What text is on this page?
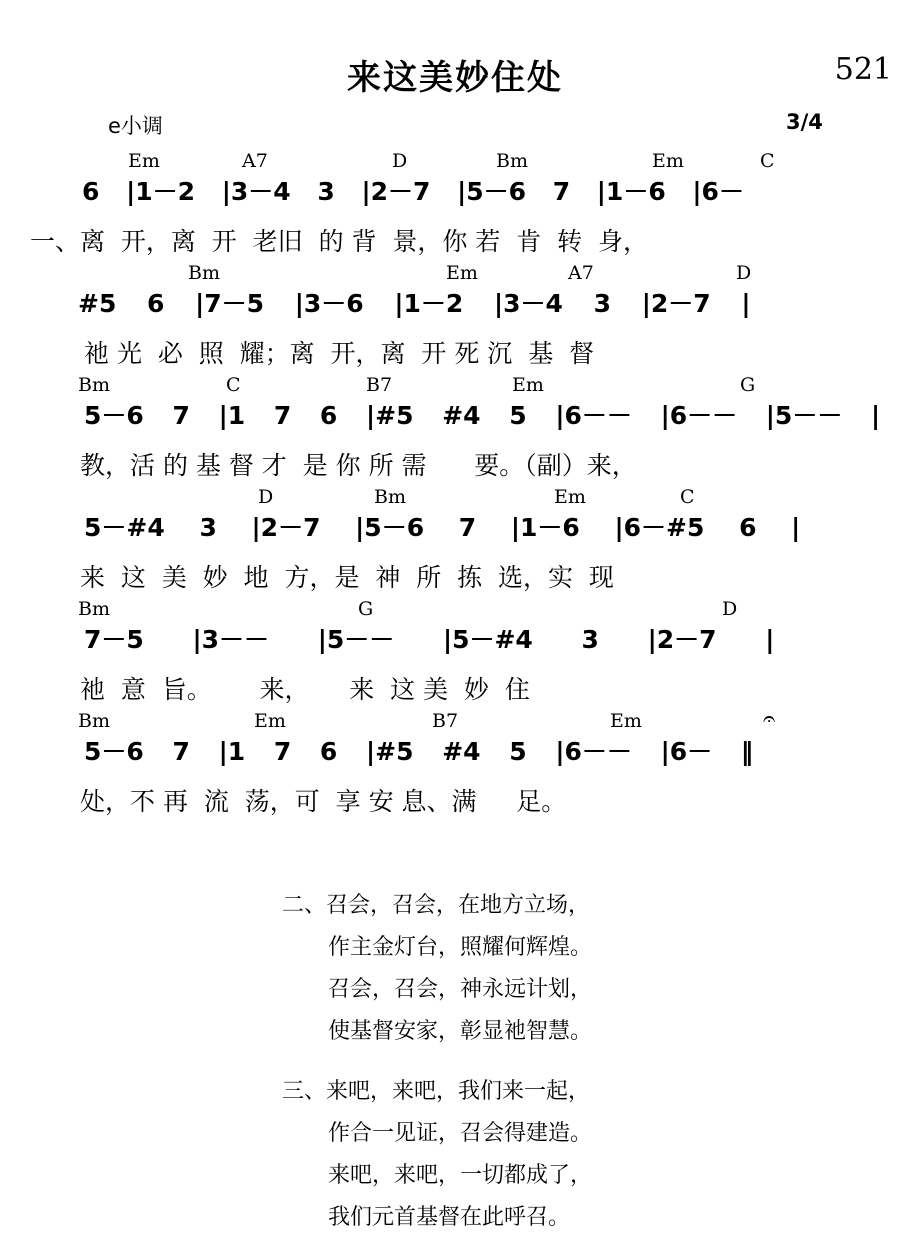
来这美妙住处	521
e小调	3/4
Em	A7	D	Bm	Em	C
6 |1－2 |3－4 3 |2－7 |5－6 7 |1－6 |6－
一、离  开，离  开  老旧  的 背  景，你 若  肯  转  身，
Bm	Em	A7	D
#5 6 |7－5 |3－6 |1－2 |3－4 3 |2－7 |
祂 光  必  照  耀；离  开，离  开 死 沉  基  督
Bm	C	B7	Em	G
5－6 7 |1 7 6 |#5 #4 5 |6－－ |6－－ |5－－ |
教，活 的 基 督 才  是 你 所 需      要。（副）来，
D	Bm	Em	C
5－#4 3 |2－7 |5－6 7 |1－6 |6－#5 6 |
来  这  美  妙  地  方，是  神  所  拣  选，实  现
Bm	G	D
7－5 |3－－ |5－－ |5－#4 3 |2－7 |
祂  意  旨。      来，     来  这 美  妙  住
Bm	Em	B7	Em	𝄐
5－6 7 |1 7 6 |#5 #4 5 |6－－ |6－ ‖
处，不 再  流  荡，可  享 安 息、满     足。
二、召会，召会，在地方立场，
作主金灯台，照耀何辉煌。
召会，召会，神永远计划，
使基督安家，彰显祂智慧。
三、来吧，来吧，我们来一起，
作合一见证，召会得建造。
来吧，来吧，一切都成了，
我们元首基督在此呼召。
